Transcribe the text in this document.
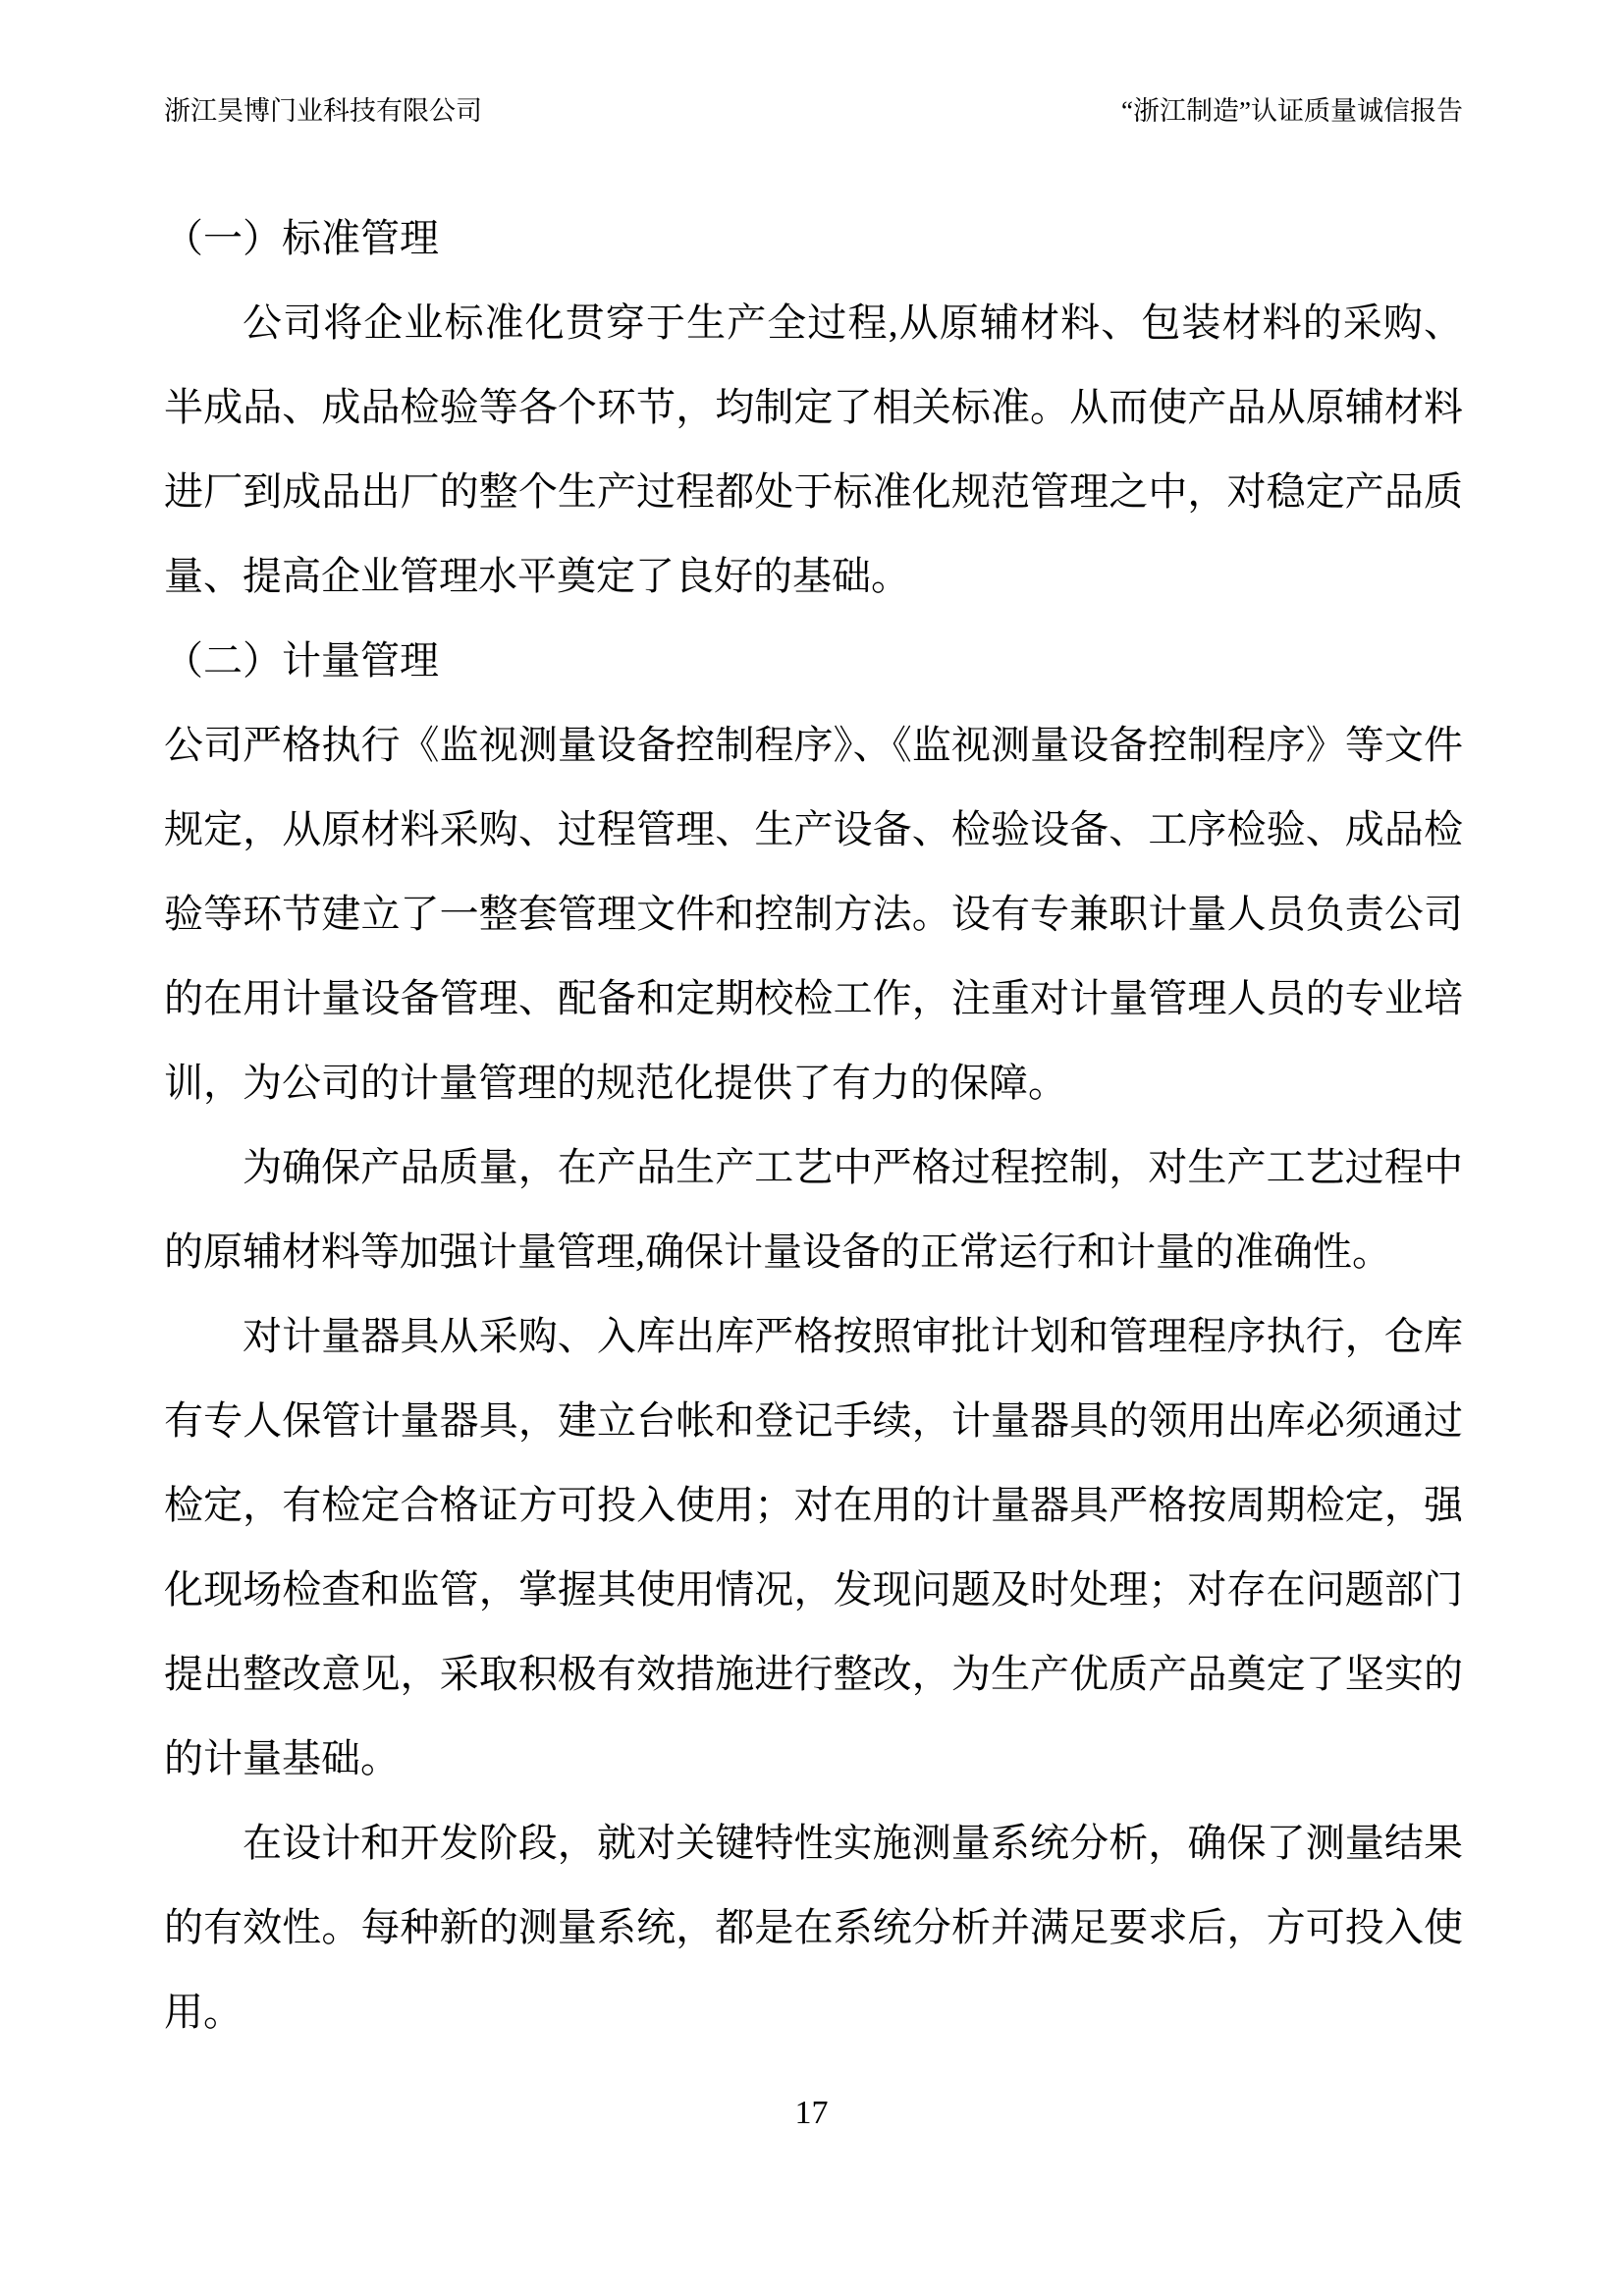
浙江昊博门业科技有限公司	“浙江制造”认证质量诚信报告

（一）标准管理

公司将企业标准化贯穿于生产全过程,从原辅材料、包装材料的采购、半成品、成品检验等各个环节，均制定了相关标准。从而使产品从原辅材料进厂到成品出厂的整个生产过程都处于标准化规范管理之中，对稳定产品质量、提高企业管理水平奠定了良好的基础。

（二）计量管理

公司严格执行《监视测量设备控制程序》、《监视测量设备控制程序》等文件规定，从原材料采购、过程管理、生产设备、检验设备、工序检验、成品检验等环节建立了一整套管理文件和控制方法。设有专兼职计量人员负责公司的在用计量设备管理、配备和定期校检工作，注重对计量管理人员的专业培训，为公司的计量管理的规范化提供了有力的保障。

为确保产品质量，在产品生产工艺中严格过程控制，对生产工艺过程中的原辅材料等加强计量管理,确保计量设备的正常运行和计量的准确性。

对计量器具从采购、入库出库严格按照审批计划和管理程序执行，仓库有专人保管计量器具，建立台帐和登记手续，计量器具的领用出库必须通过检定，有检定合格证方可投入使用；对在用的计量器具严格按周期检定，强化现场检查和监管，掌握其使用情况，发现问题及时处理；对存在问题部门提出整改意见，采取积极有效措施进行整改，为生产优质产品奠定了坚实的的计量基础。

在设计和开发阶段，就对关键特性实施测量系统分析，确保了测量结果的有效性。每种新的测量系统，都是在系统分析并满足要求后，方可投入使用。

17
